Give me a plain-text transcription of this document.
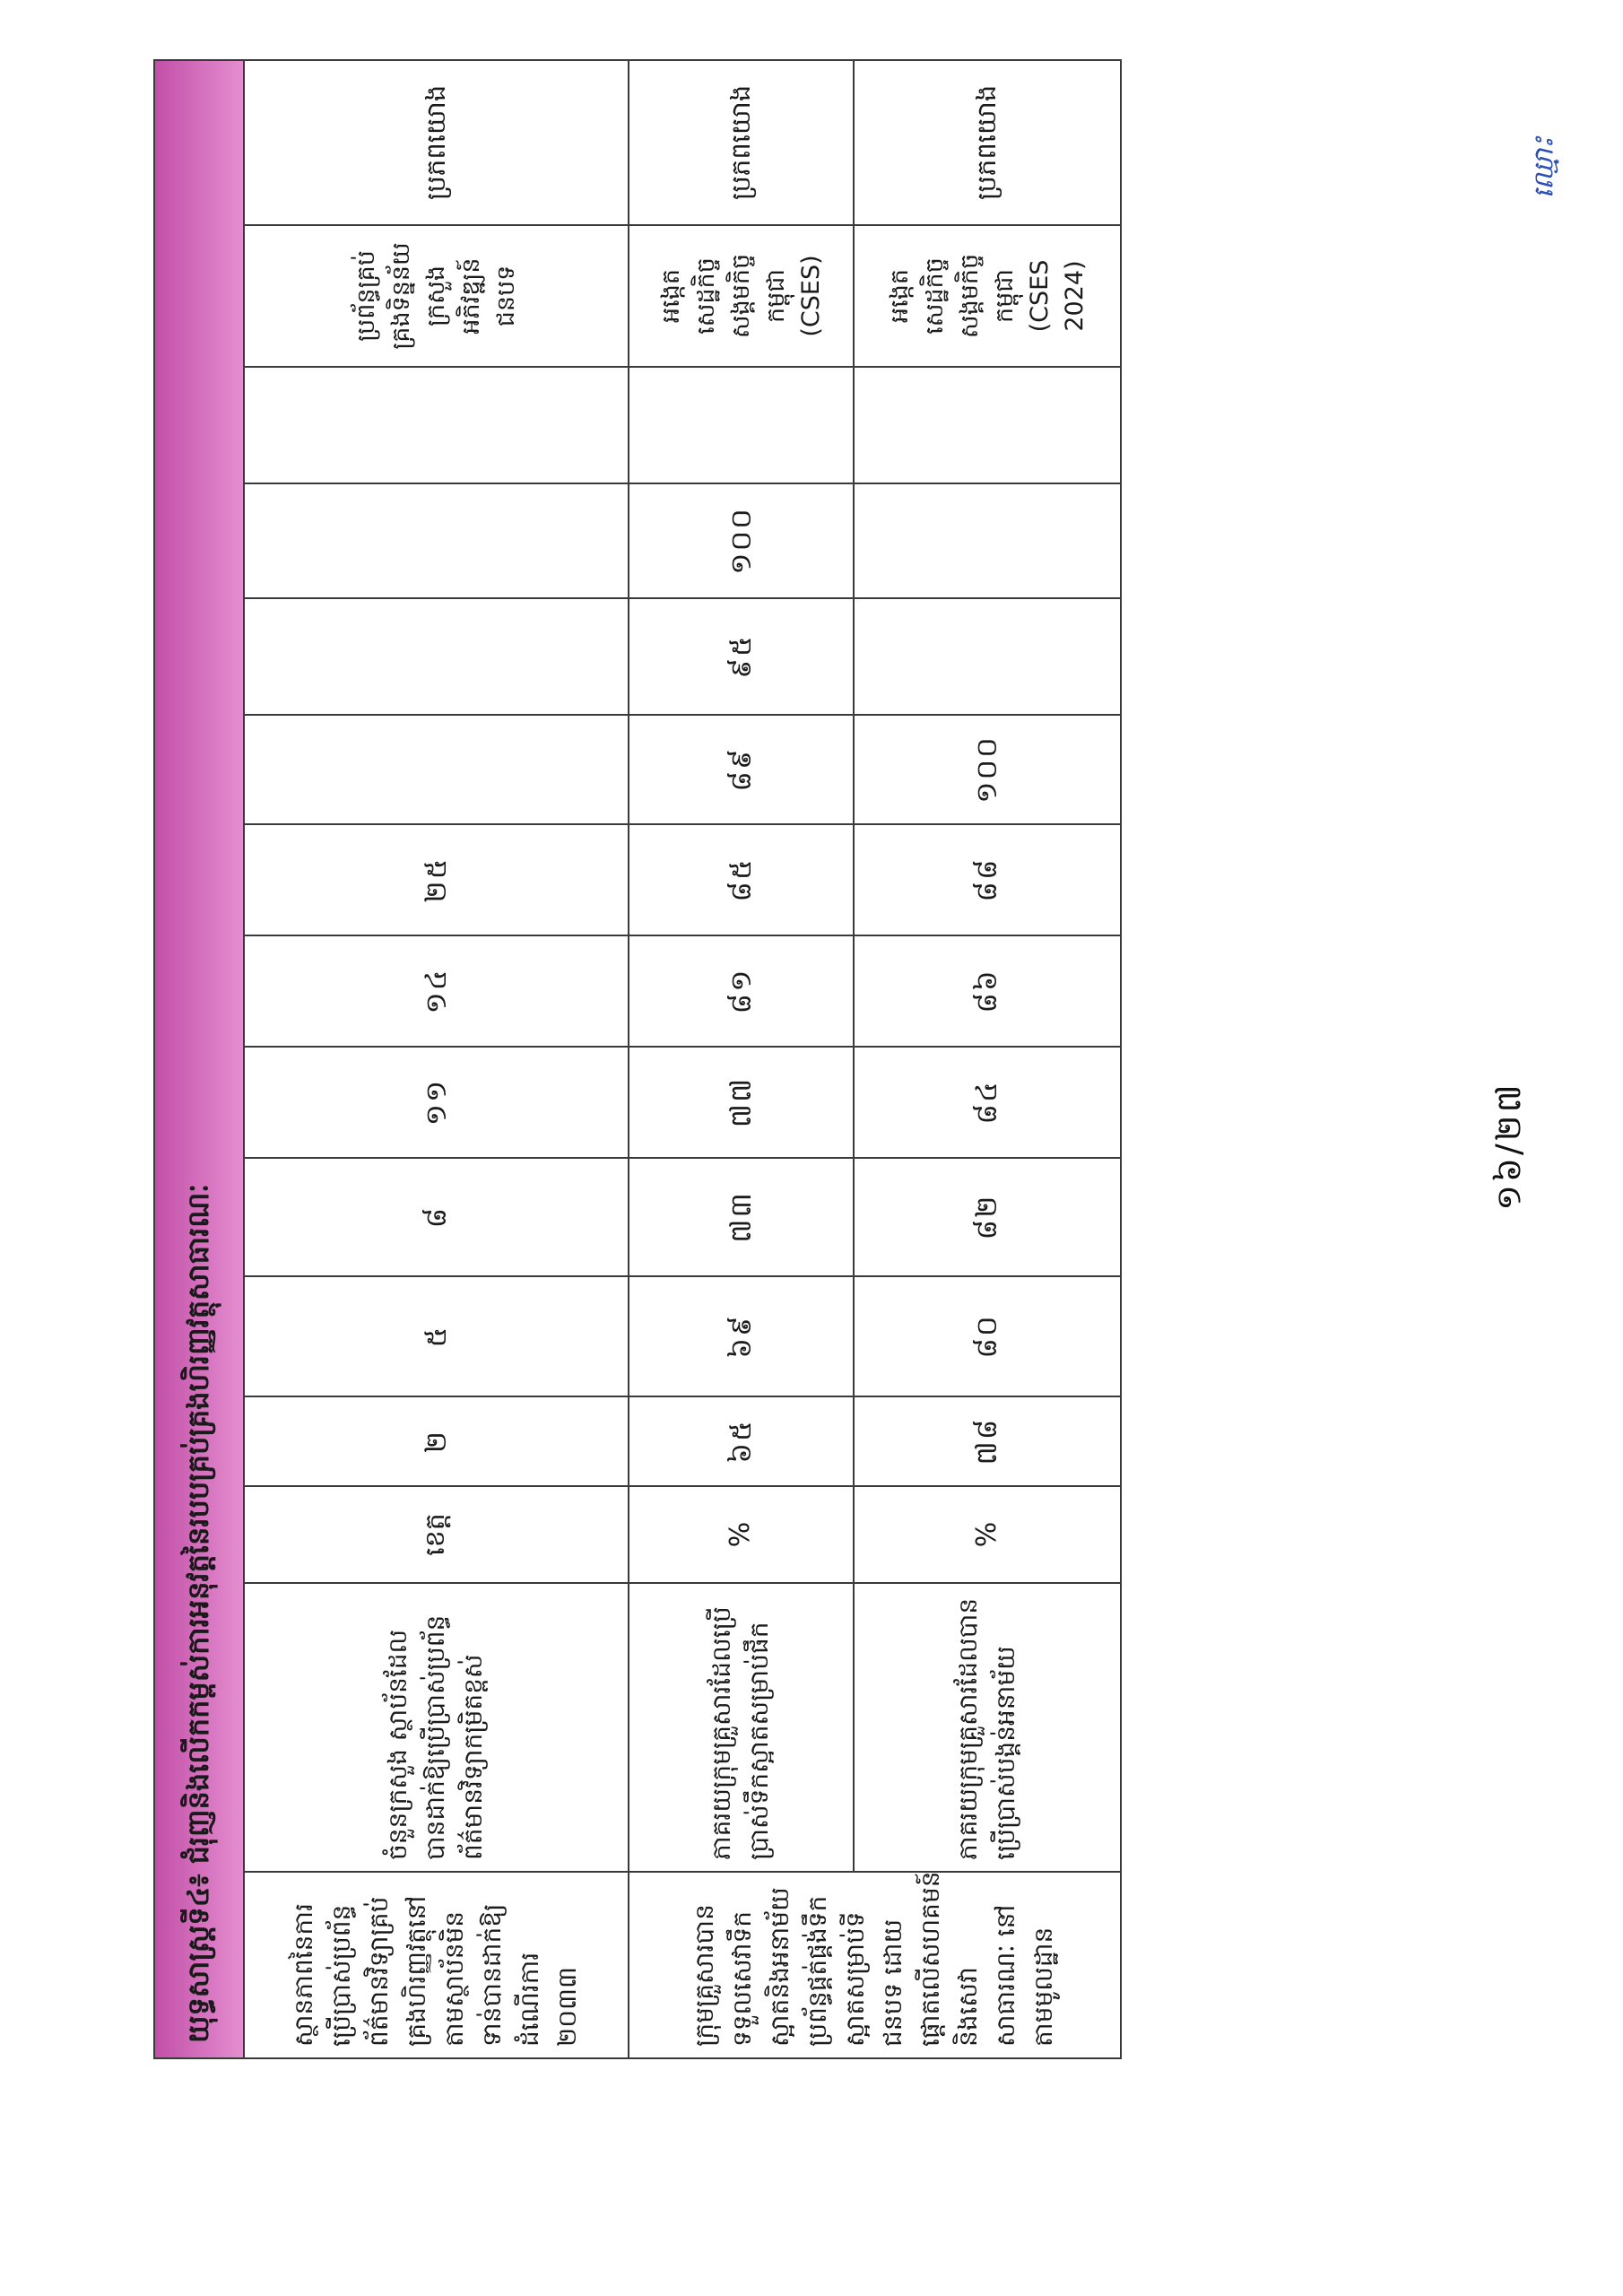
យុទ្ធសាស្ត្រទី៤៖ ជំរុញនិងលើកកម្ពស់ការអនុវត្តនៃរបបគ្រប់គ្រងហិរញ្ញវត្ថុសាធារណៈ														
ស្ថានភាពនៃការប្រើប្រាស់ប្រព័ន្ធព័ត៌មានវិទ្យាគ្រប់គ្រងហិរញ្ញវត្ថុនៅតាមស្ថាប័នមិនទាន់បានដាក់ឱ្យដំណើរការ ២០៣៣	ចំនួនក្រសួង ស្ថាប័នដែលបានដាក់ឱ្យប្រើប្រាស់ប្រព័ន្ធព័ត៌មានវិទ្យាកម្រិតខ្ពស់	ខេត្ត	២	៥	៨	១១	១៤	២៥					ប្រព័ន្ធគ្រប់គ្រងទិន្នន័យក្រសួងអភិវឌ្ឍន៍ជនបទ	ប្រភពយោង
ក្រុមគ្រួសារបានទទួលសេវាទឹកស្អាតនិងអនាម័យ ប្រព័ន្ធផ្គត់ផ្គង់ទឹកស្អាតសម្រាប់ទីជនបទ ដោយផ្ដោតលើសហគមន៍ និងសេវាសាធារណៈ នៅតាមមូលដ្ឋាន	ភាគរយក្រុមគ្រួសារដែលប្រើប្រាស់ទឹកស្អាតសម្រាប់ផឹក	%	៦៥	៦៩	៧៣	៧៧	៨១	៨៥	៨៩	៩៥	១០០		អង្កេតសេដ្ឋកិច្ចសង្គមកិច្ចកម្ពុជា (CSES)	ប្រភពយោង
	ភាគរយក្រុមគ្រួសារដែលបានប្រើប្រាស់បង្គន់អនាម័យ	%	៧៨	៨០	៨២	៨៤	៨៦	៨៨	១០០				អង្កេតសេដ្ឋកិច្ចសង្គមកិច្ចកម្ពុជា (CSES 2024)	ប្រភពយោង
១៦/២៧
ឈ្មោះ
